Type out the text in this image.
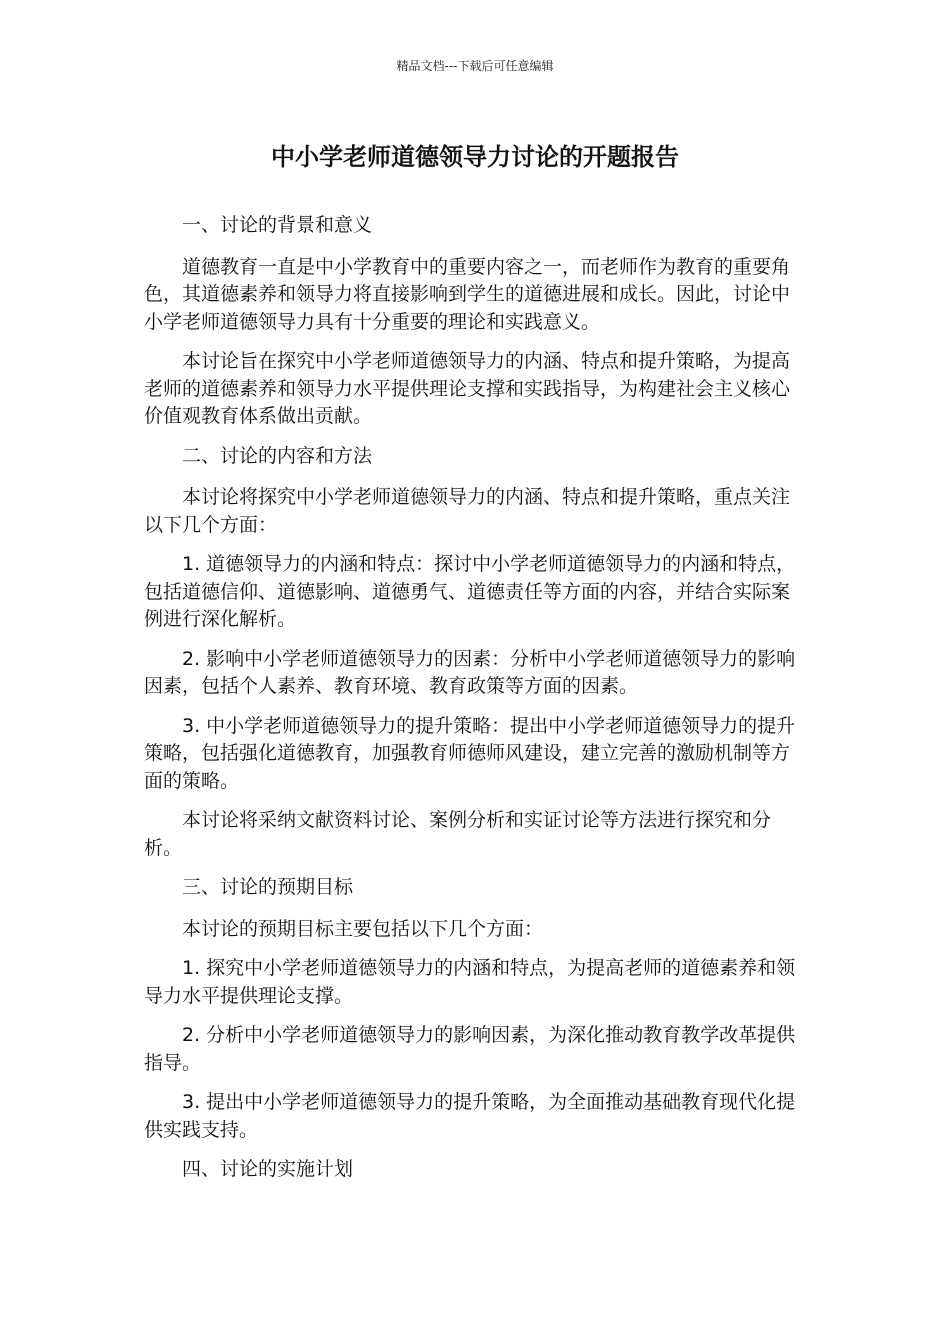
精品文档---下载后可任意编辑
中小学老师道德领导力讨论的开题报告

一、讨论的背景和意义

道德教育一直是中小学教育中的重要内容之一，而老师作为教育的重要角色，其道德素养和领导力将直接影响到学生的道德进展和成长。因此，讨论中小学老师道德领导力具有十分重要的理论和实践意义。

本讨论旨在探究中小学老师道德领导力的内涵、特点和提升策略，为提高老师的道德素养和领导力水平提供理论支撑和实践指导，为构建社会主义核心价值观教育体系做出贡献。

二、讨论的内容和方法

本讨论将探究中小学老师道德领导力的内涵、特点和提升策略，重点关注以下几个方面：

1. 道德领导力的内涵和特点：探讨中小学老师道德领导力的内涵和特点，包括道德信仰、道德影响、道德勇气、道德责任等方面的内容，并结合实际案例进行深化解析。

2. 影响中小学老师道德领导力的因素：分析中小学老师道德领导力的影响因素，包括个人素养、教育环境、教育政策等方面的因素。

3. 中小学老师道德领导力的提升策略：提出中小学老师道德领导力的提升策略，包括强化道德教育，加强教育师德师风建设，建立完善的激励机制等方面的策略。

本讨论将采纳文献资料讨论、案例分析和实证讨论等方法进行探究和分析。

三、讨论的预期目标

本讨论的预期目标主要包括以下几个方面：

1. 探究中小学老师道德领导力的内涵和特点，为提高老师的道德素养和领导力水平提供理论支撑。

2. 分析中小学老师道德领导力的影响因素，为深化推动教育教学改革提供指导。

3. 提出中小学老师道德领导力的提升策略，为全面推动基础教育现代化提供实践支持。

四、讨论的实施计划
